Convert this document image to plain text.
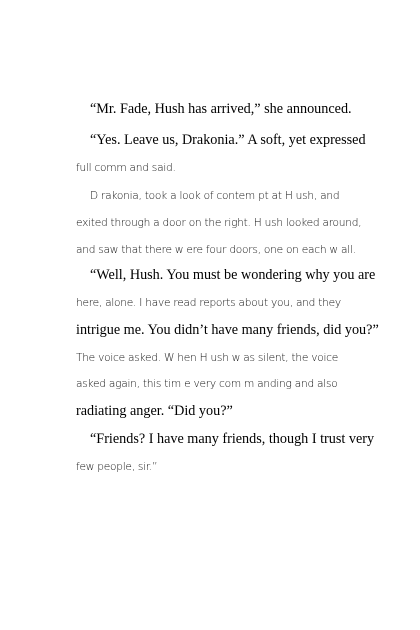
“Mr. Fade, Hush has arrived,” she announced.
“Yes. Leave us, Drakonia.” A soft, yet expressed
full comm and said.
D rakonia, took a look of contem pt at H ush, and
exited through a door on the right. H ush looked around,
and saw that there w ere four doors, one on each w all.
“Well, Hush. You must be wondering why you are
here, alone. I have read reports about you, and they
intrigue me. You didn’t have many friends, did you?”
The voice asked. W hen H ush w as silent, the voice
asked again, this tim e very com m anding and also
radiating anger. “Did you?”
“Friends? I have many friends, though I trust very
few people, sir.”
